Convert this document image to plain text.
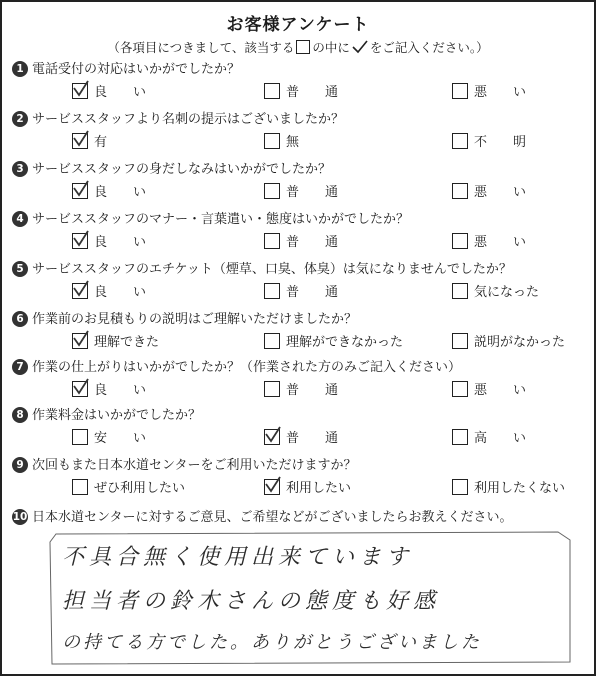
お客様アンケート
（各項目につきまして、該当する の中に をご記入ください。）
1 電話受付の対応はいかがでしたか？
良　　い	普　　通	悪　　い
2 サービススタッフより名刺の提示はございましたか？
有	無	不　　明
3 サービススタッフの身だしなみはいかがでしたか？
良　　い	普　　通	悪　　い
4 サービススタッフのマナー・言葉遣い・態度はいかがでしたか？
良　　い	普　　通	悪　　い
5 サービススタッフのエチケット（煙草、口臭、体臭）は気になりませんでしたか？
良　　い	普　　通	気になった
6 作業前のお見積もりの説明はご理解いただけましたか？
理解できた	理解ができなかった	説明がなかった
7 作業の仕上がりはいかがでしたか？（作業された方のみご記入ください）
良　　い	普　　通	悪　　い
8 作業料金はいかがでしたか？
安　　い	普　　通	高　　い
9 次回もまた日本水道センターをご利用いただけますか？
ぜひ利用したい	利用したい	利用したくない
10 日本水道センターに対するご意見、ご希望などがございましたらお教えください。
不具合無く使用出来ています
担当者の鈴木さんの態度も好感
の持てる方でした。ありがとうございました
